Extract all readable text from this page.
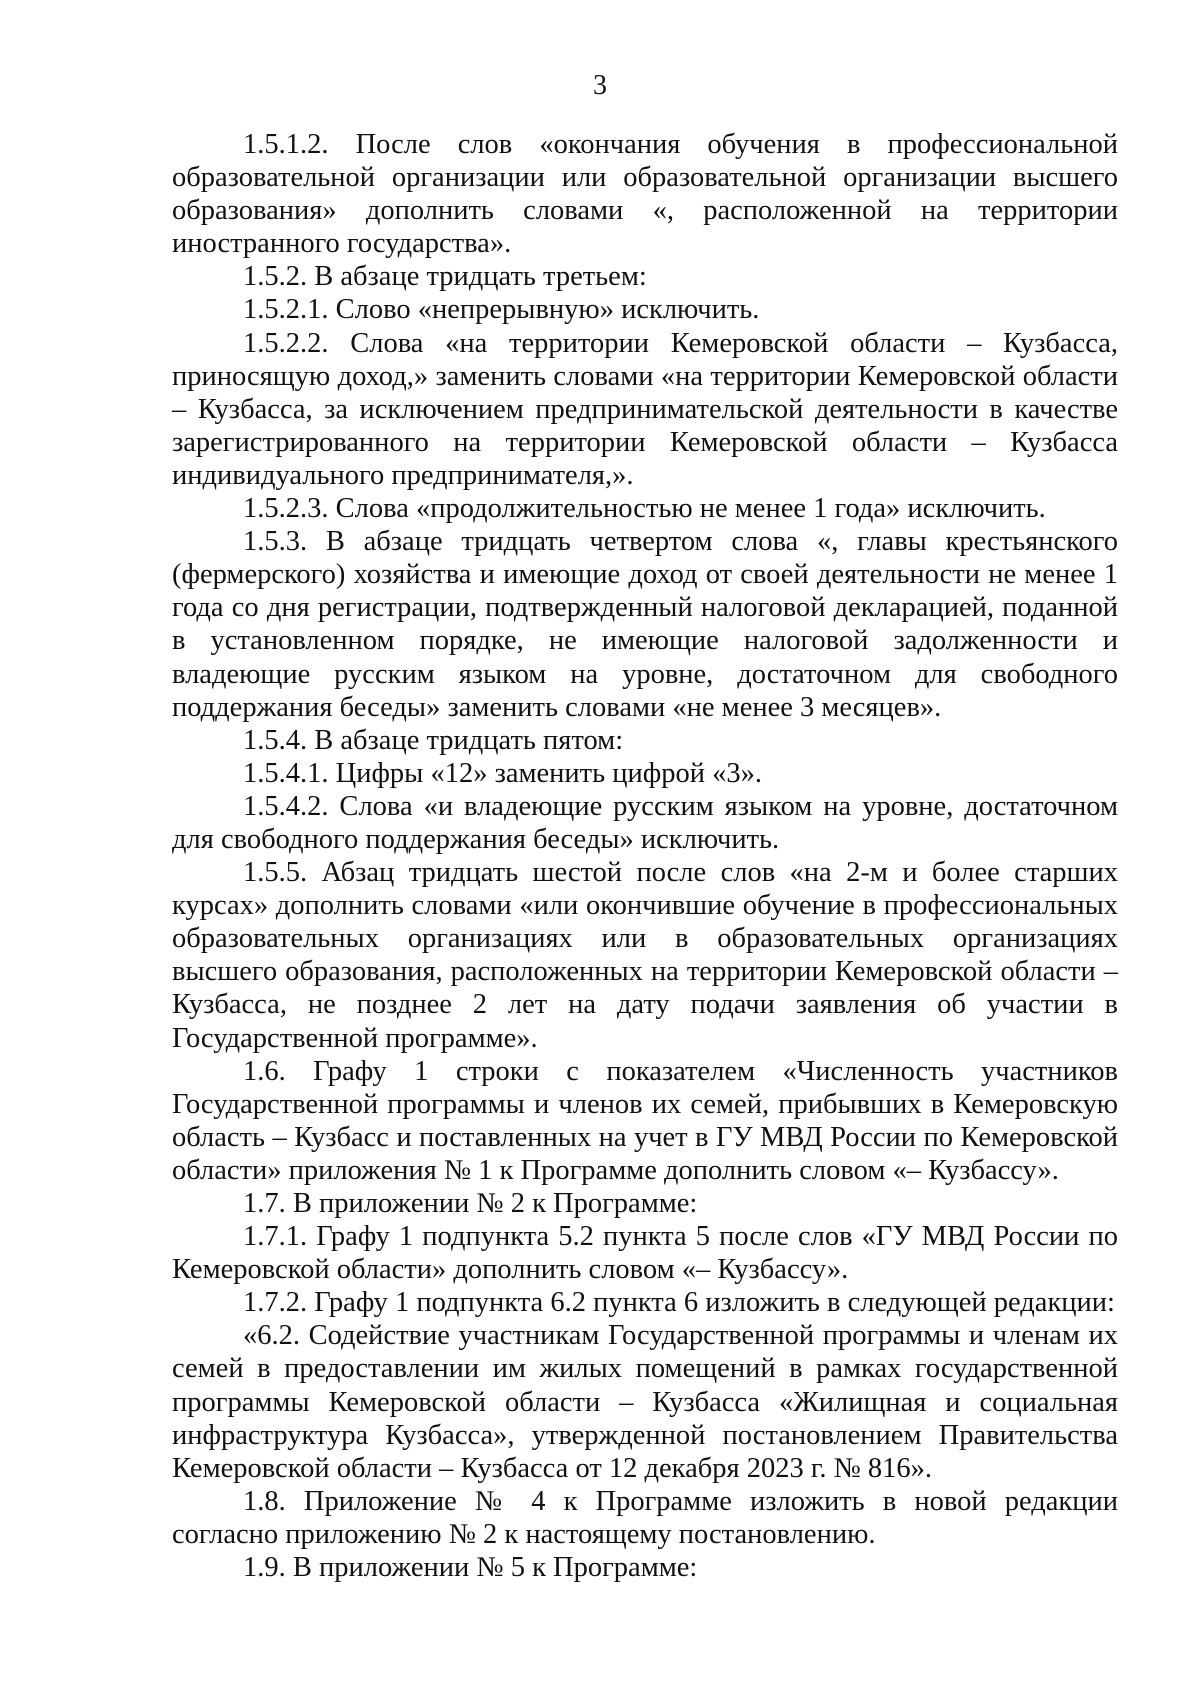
3

1.5.1.2. После слов «окончания обучения в профессиональной образовательной организации или образовательной организации высшего образования» дополнить словами «, расположенной на территории иностранного государства».

1.5.2. В абзаце тридцать третьем:

1.5.2.1. Слово «непрерывную» исключить.

1.5.2.2. Слова «на территории Кемеровской области – Кузбасса, приносящую доход,» заменить словами «на территории Кемеровской области – Кузбасса, за исключением предпринимательской деятельности в качестве зарегистрированного на территории Кемеровской области – Кузбасса индивидуального предпринимателя,».

1.5.2.3. Слова «продолжительностью не менее 1 года» исключить.

1.5.3. В абзаце тридцать четвертом слова «, главы крестьянского (фермерского) хозяйства и имеющие доход от своей деятельности не менее 1 года со дня регистрации, подтвержденный налоговой декларацией, поданной в установленном порядке, не имеющие налоговой задолженности и владеющие русским языком на уровне, достаточном для свободного поддержания беседы» заменить словами «не менее 3 месяцев».

1.5.4. В абзаце тридцать пятом:

1.5.4.1. Цифры «12» заменить цифрой «3».

1.5.4.2. Слова «и владеющие русским языком на уровне, достаточном для свободного поддержания беседы» исключить.

1.5.5. Абзац тридцать шестой после слов «на 2-м и более старших курсах» дополнить словами «или окончившие обучение в профессиональных образовательных организациях или в образовательных организациях высшего образования, расположенных на территории Кемеровской области – Кузбасса, не позднее 2 лет на дату подачи заявления об участии в Государственной программе».

1.6. Графу 1 строки с показателем «Численность участников Государственной программы и членов их семей, прибывших в Кемеровскую область – Кузбасс и поставленных на учет в ГУ МВД России по Кемеровской области» приложения № 1 к Программе дополнить словом «– Кузбассу».

1.7. В приложении № 2 к Программе:

1.7.1. Графу 1 подпункта 5.2 пункта 5 после слов «ГУ МВД России по Кемеровской области» дополнить словом «– Кузбассу».

1.7.2. Графу 1 подпункта 6.2 пункта 6 изложить в следующей редакции:

«6.2. Содействие участникам Государственной программы и членам их семей в предоставлении им жилых помещений в рамках государственной программы Кемеровской области – Кузбасса «Жилищная и социальная инфраструктура Кузбасса», утвержденной постановлением Правительства Кемеровской области – Кузбасса от 12 декабря 2023 г. № 816».

1.8. Приложение № 4 к Программе изложить в новой редакции согласно приложению № 2 к настоящему постановлению.

1.9. В приложении № 5 к Программе:
